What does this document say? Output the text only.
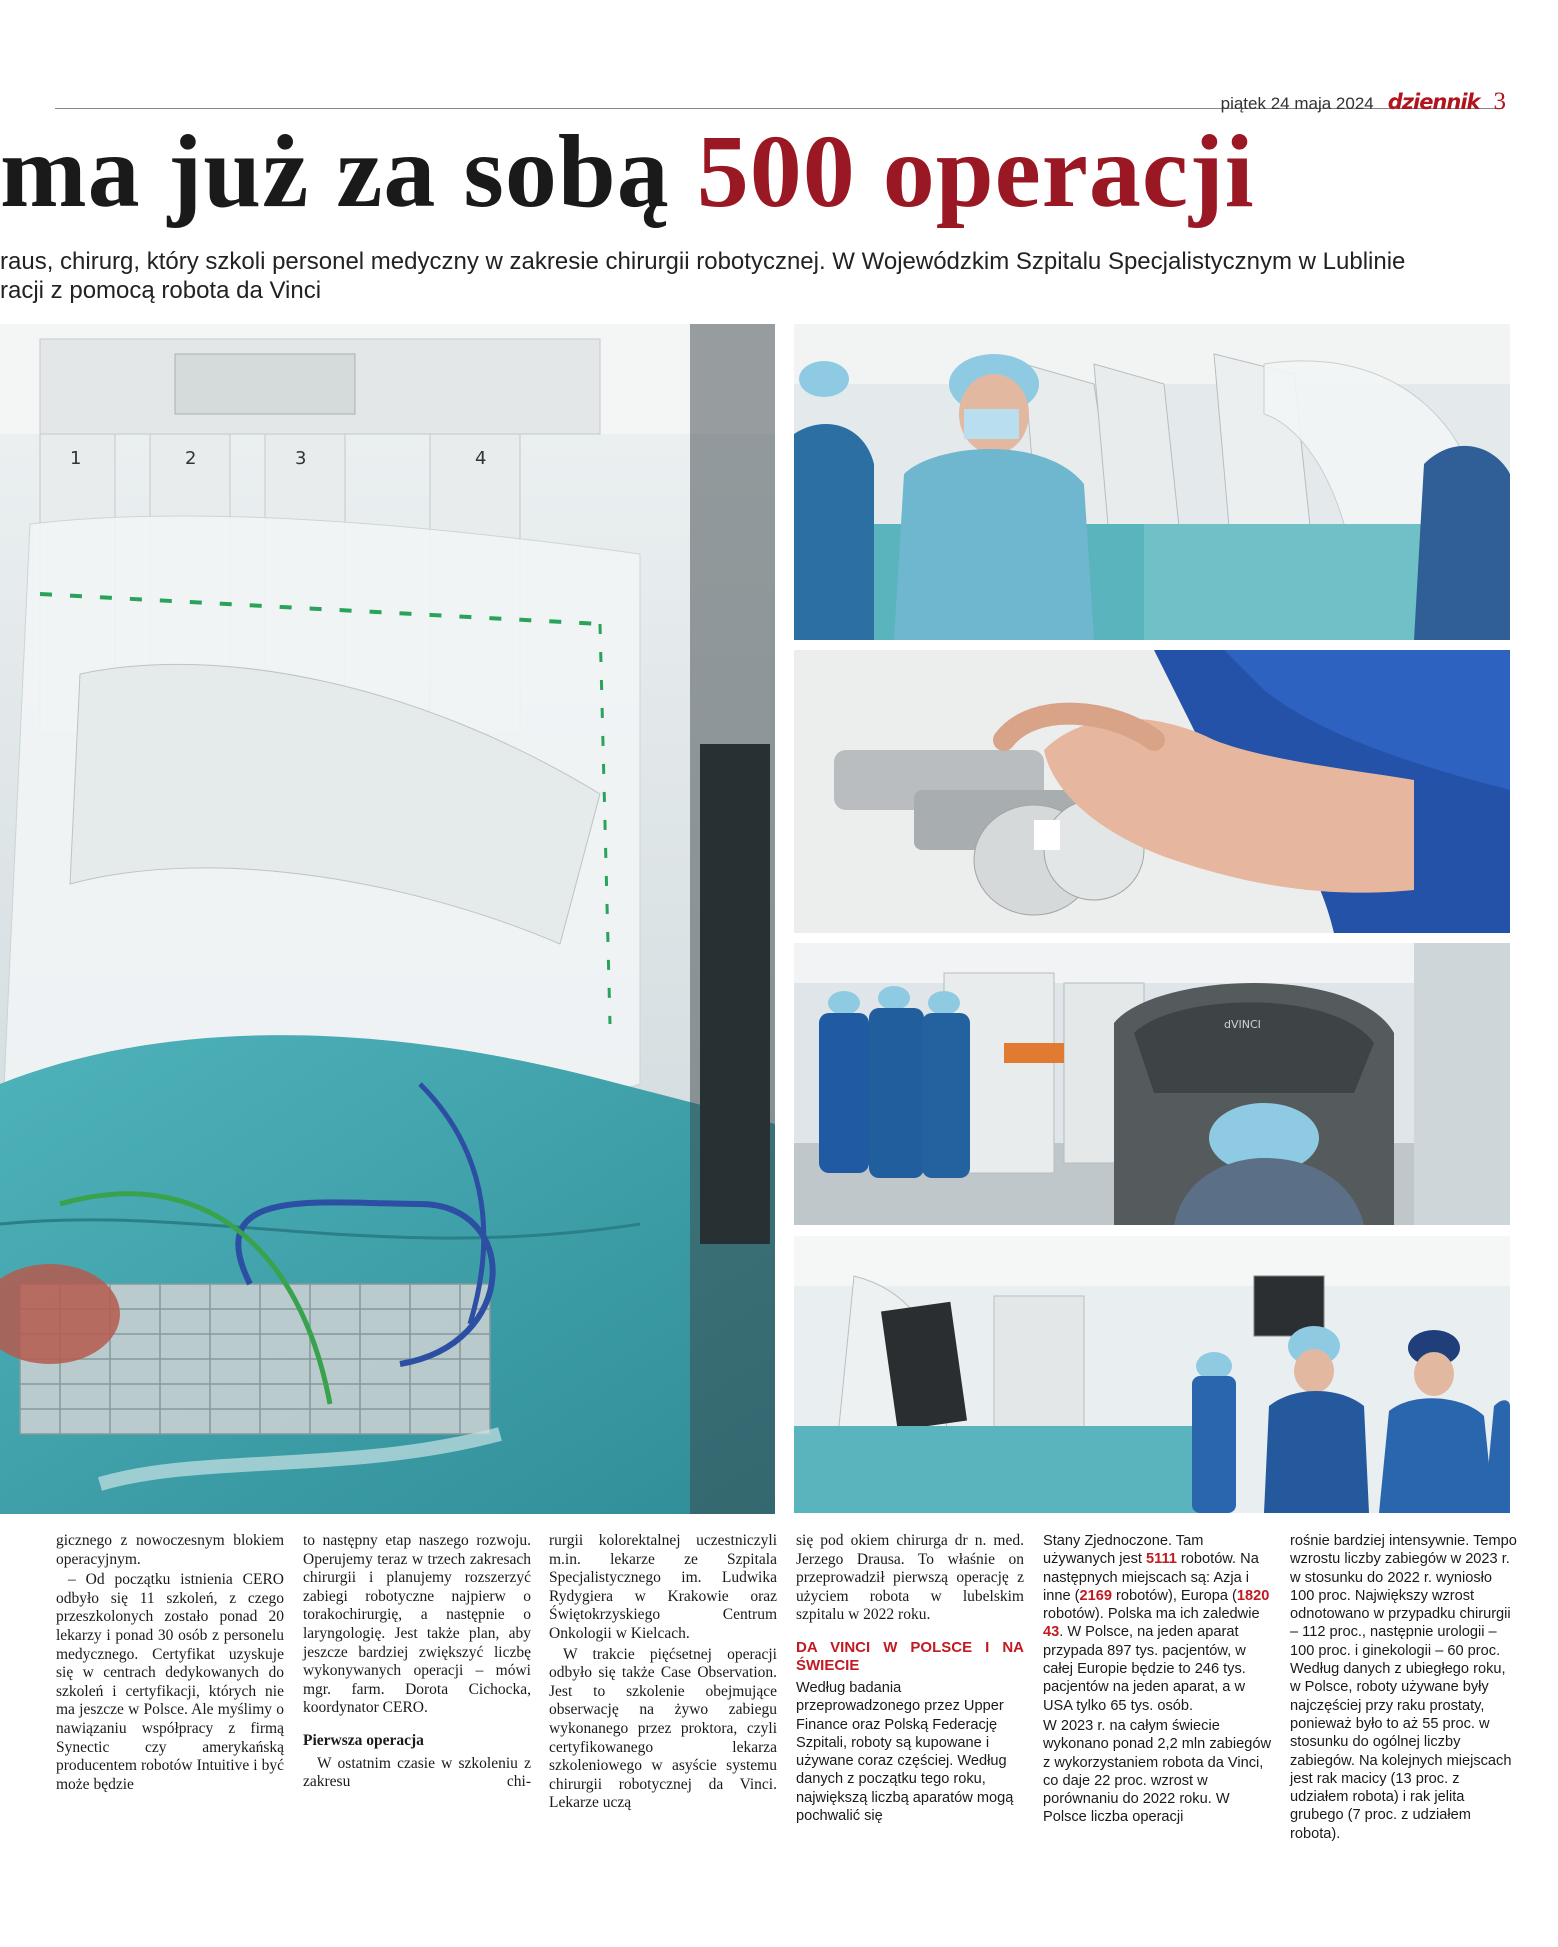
piątek 24 maja 2024 dziennik 3
ma już za sobą 500 operacji
raus, chirurg, który szkoli personel medyczny w zakresie chirurgii robotycznej. W Wojewódzkim Szpitalu Specjalistycznym w Lublinie
racji z pomocą robota da Vinci
1	2	3	4
dVINCI

gicznego z nowoczesnym blokiem operacyjnym.

– Od początku istnienia CERO odbyło się 11 szkoleń, z czego przeszkolonych zostało ponad 20 lekarzy i ponad 30 osób z personelu medycznego. Certyfikat uzyskuje się w centrach dedykowanych do szkoleń i certyfikacji, których nie ma jeszcze w Polsce. Ale myślimy o nawiązaniu współpracy z firmą Synectic czy amerykańską producentem robotów Intuitive i być może będzie

to następny etap naszego rozwoju. Operujemy teraz w trzech zakresach chirurgii i planujemy rozszerzyć zabiegi robotyczne najpierw o torakochirurgię, a następnie o laryngologię. Jest także plan, aby jeszcze bardziej zwiększyć liczbę wykonywanych operacji – mówi mgr. farm. Dorota Cichocka, koordynator CERO.

Pierwsza operacja

W ostatnim czasie w szkoleniu z zakresu chi-

rurgii kolorektalnej uczestniczyli m.in. lekarze ze Szpitala Specjalistycznego im. Ludwika Rydygiera w Krakowie oraz Świętokrzyskiego Centrum Onkologii w Kielcach.

W trakcie pięćsetnej operacji odbyło się także Case Observation. Jest to szkolenie obejmujące obserwację na żywo zabiegu wykonanego przez proktora, czyli certyfikowanego lekarza szkoleniowego w asyście systemu chirurgii robotycznej da Vinci. Lekarze uczą

się pod okiem chirurga dr n. med. Jerzego Drausa. To właśnie on przeprowadził pierwszą operację z użyciem robota w lubelskim szpitalu w 2022 roku.

DA VINCI W POLSCE I NA ŚWIECIE

Według badania przeprowadzonego przez Upper Finance oraz Polską Federację Szpitali, roboty są kupowane i używane coraz częściej. Według danych z początku tego roku, największą liczbą aparatów mogą pochwalić się

Stany Zjednoczone. Tam używanych jest 5111 robotów. Na następnych miejscach są: Azja i inne (2169 robotów), Europa (1820 robotów). Polska ma ich zaledwie 43. W Polsce, na jeden aparat przypada 897 tys. pacjentów, w całej Europie będzie to 246 tys. pacjentów na jeden aparat, a w USA tylko 65 tys. osób.

W 2023 r. na całym świecie wykonano ponad 2,2 mln zabiegów z wykorzystaniem robota da Vinci, co daje 22 proc. wzrost w porównaniu do 2022 roku. W Polsce liczba operacji

rośnie bardziej intensywnie. Tempo wzrostu liczby zabiegów w 2023 r. w stosunku do 2022 r. wyniosło 100 proc. Największy wzrost odnotowano w przypadku chirurgii – 112 proc., następnie urologii – 100 proc. i ginekologii – 60 proc. Według danych z ubiegłego roku, w Polsce, roboty używane były najczęściej przy raku prostaty, ponieważ było to aż 55 proc. w stosunku do ogólnej liczby zabiegów. Na kolejnych miejscach jest rak macicy (13 proc. z udziałem robota) i rak jelita grubego (7 proc. z udziałem robota).
